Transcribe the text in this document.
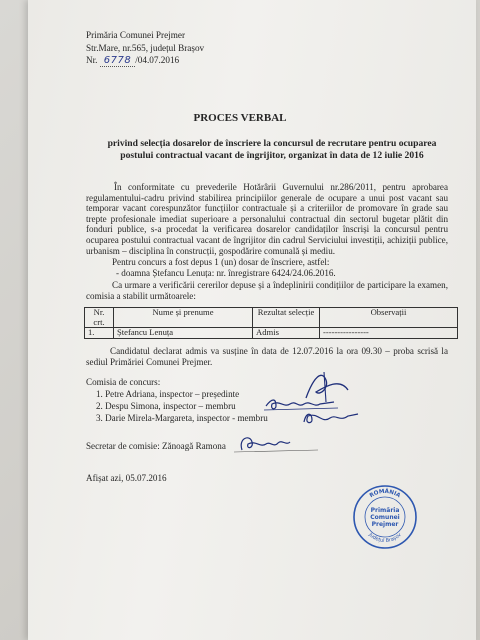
Primăria Comunei Prejmer
Str.Mare, nr.565, județul Brașov
Nr. 6778 /04.07.2016
PROCES VERBAL
privind selecția dosarelor de înscriere la concursul de recrutare pentru ocuparea postului contractual vacant de îngrijitor, organizat în data de 12 iulie 2016
În conformitate cu prevederile Hotărârii Guvernului nr.286/2011, pentru aprobarea regulamentului-cadru privind stabilirea principiilor generale de ocupare a unui post vacant sau temporar vacant corespunzător funcțiilor contractuale și a criteriilor de promovare în grade sau trepte profesionale imediat superioare a personalului contractual din sectorul bugetar plătit din fonduri publice, s-a procedat la verificarea dosarelor candidaților înscriși la concursul pentru ocuparea postului contractual vacant de îngrijitor din cadrul Serviciului investiții, achiziții publice, urbanism – disciplina în construcții, gospodărire comunală și mediu.
Pentru concurs a fost depus 1 (un) dosar de înscriere, astfel:
- doamna Ștefancu Lenuța: nr. înregistrare 6424/24.06.2016.
Ca urmare a verificării cererilor depuse și a îndeplinirii condițiilor de participare la examen, comisia a stabilit următoarele:
Nr. crt.	Nume și prenume	Rezultat selecție	Observații
1.	Ștefancu Lenuța	Admis	----------------
Candidatul declarat admis va susține în data de 12.07.2016 la ora 09.30 – proba scrisă la sediul Primăriei Comunei Prejmer.
Comisia de concurs:
1. Petre Adriana, inspector – președinte
2. Despu Simona, inspector – membru
3. Darie Mirela-Margareta, inspector - membru
Secretar de comisie: Zănoagă Ramona
Afișat azi, 05.07.2016
ROMÂNIA
Județul Brașov
Primăria
Comunei
Prejmer
